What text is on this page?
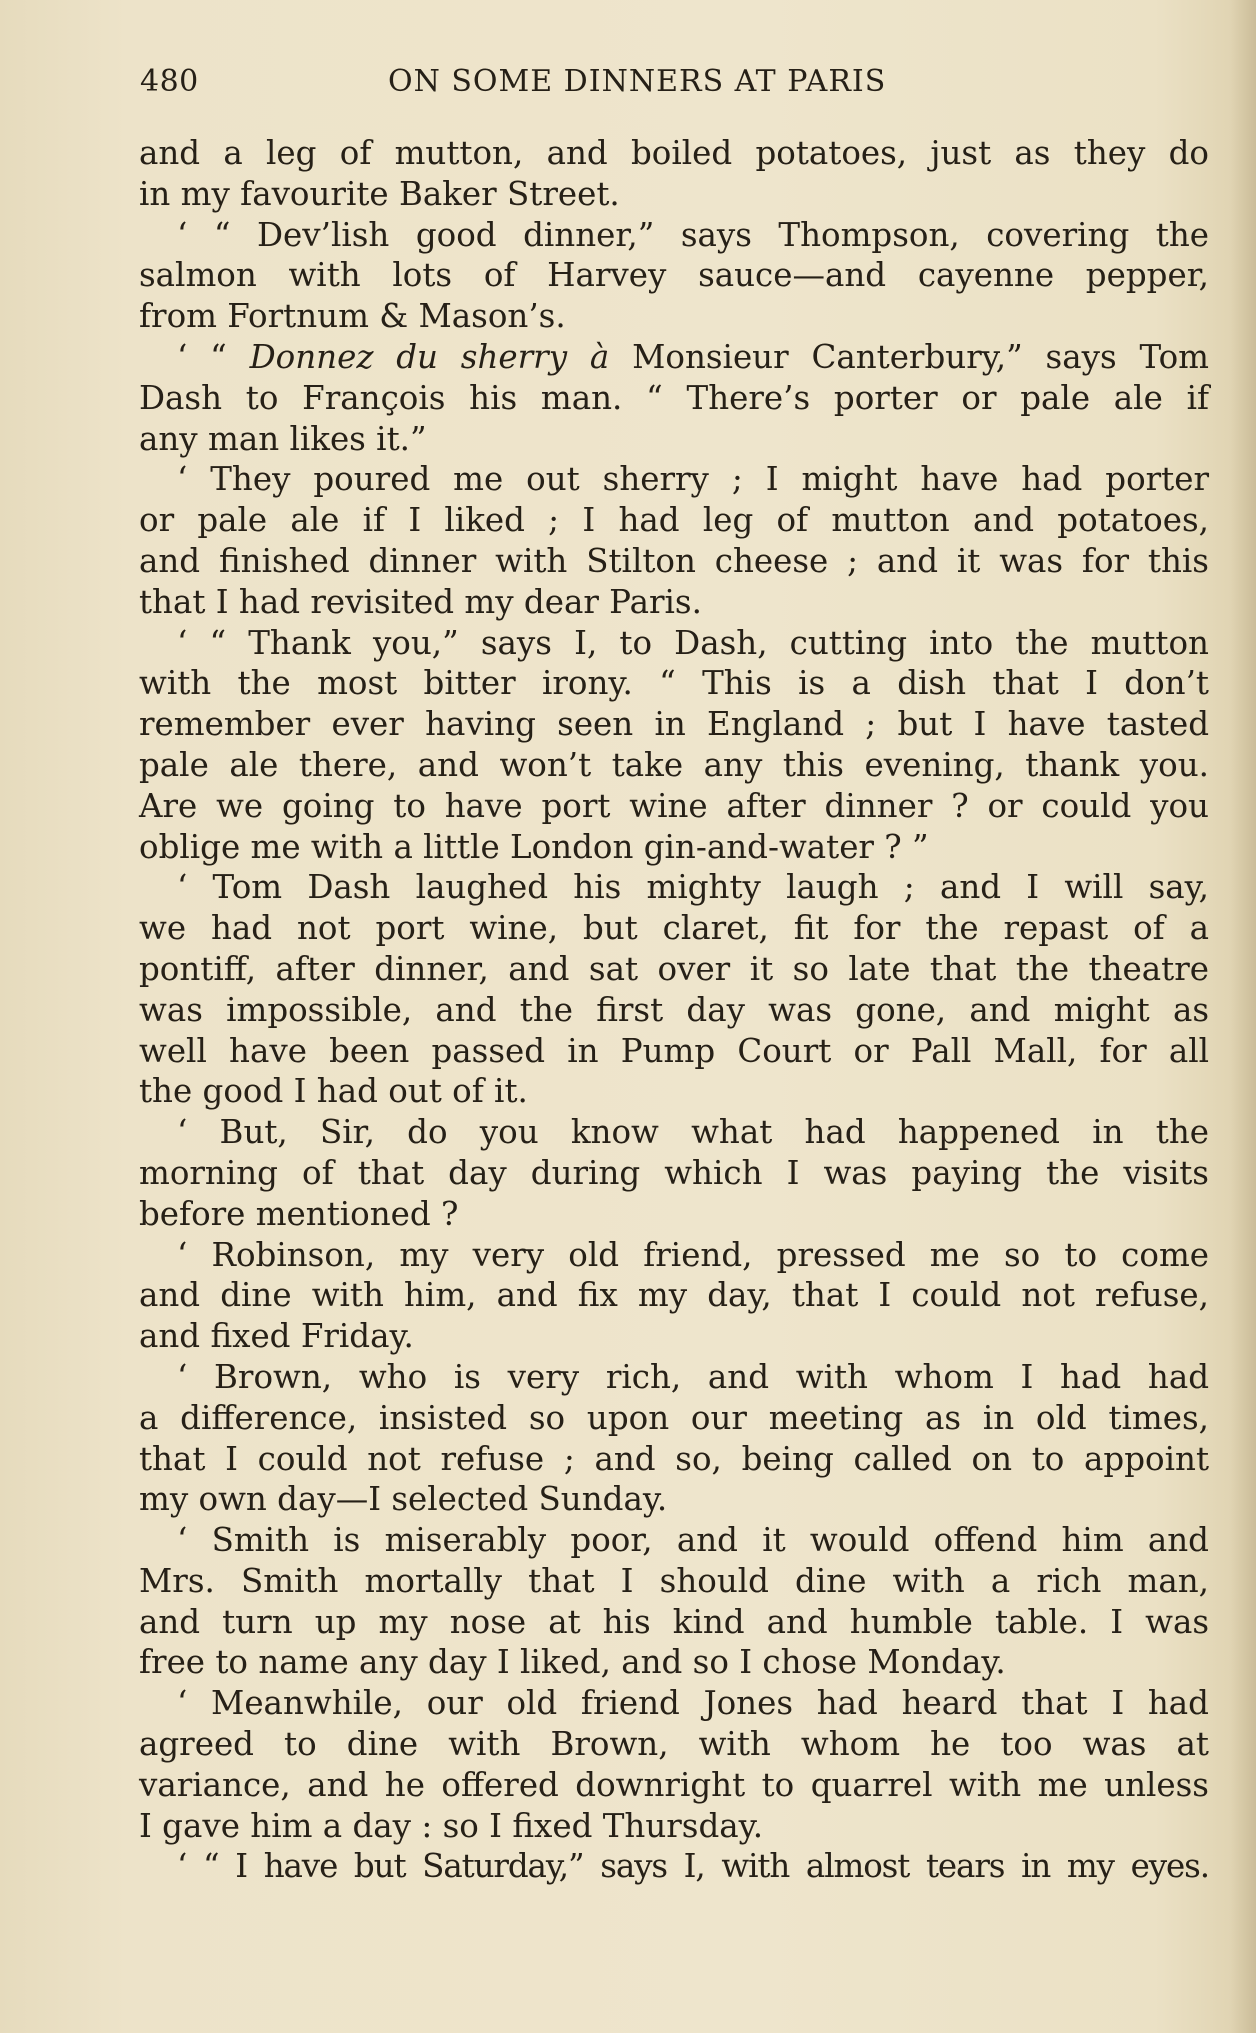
480	ON SOME DINNERS AT PARIS
and a leg of mutton, and boiled potatoes, just as they do
in my favourite Baker Street.
‘ “ Dev’lish good dinner,” says Thompson, covering the
salmon with lots of Harvey sauce—and cayenne pepper,
from Fortnum & Mason’s.
‘ “ Donnez du sherry à Monsieur Canterbury,” says Tom
Dash to François his man. “ There’s porter or pale ale if
any man likes it.”
‘ They poured me out sherry ; I might have had porter
or pale ale if I liked ; I had leg of mutton and potatoes,
and finished dinner with Stilton cheese ; and it was for this
that I had revisited my dear Paris.
‘ “ Thank you,” says I, to Dash, cutting into the mutton
with the most bitter irony. “ This is a dish that I don’t
remember ever having seen in England ; but I have tasted
pale ale there, and won’t take any this evening, thank you.
Are we going to have port wine after dinner ? or could you
oblige me with a little London gin-and-water ? ”
‘ Tom Dash laughed his mighty laugh ; and I will say,
we had not port wine, but claret, fit for the repast of a
pontiff, after dinner, and sat over it so late that the theatre
was impossible, and the first day was gone, and might as
well have been passed in Pump Court or Pall Mall, for all
the good I had out of it.
‘ But, Sir, do you know what had happened in the
morning of that day during which I was paying the visits
before mentioned ?
‘ Robinson, my very old friend, pressed me so to come
and dine with him, and fix my day, that I could not refuse,
and fixed Friday.
‘ Brown, who is very rich, and with whom I had had
a difference, insisted so upon our meeting as in old times,
that I could not refuse ; and so, being called on to appoint
my own day—I selected Sunday.
‘ Smith is miserably poor, and it would offend him and
Mrs. Smith mortally that I should dine with a rich man,
and turn up my nose at his kind and humble table. I was
free to name any day I liked, and so I chose Monday.
‘ Meanwhile, our old friend Jones had heard that I had
agreed to dine with Brown, with whom he too was at
variance, and he offered downright to quarrel with me unless
I gave him a day : so I fixed Thursday.
‘ “ I have but Saturday,” says I, with almost tears in my eyes.
